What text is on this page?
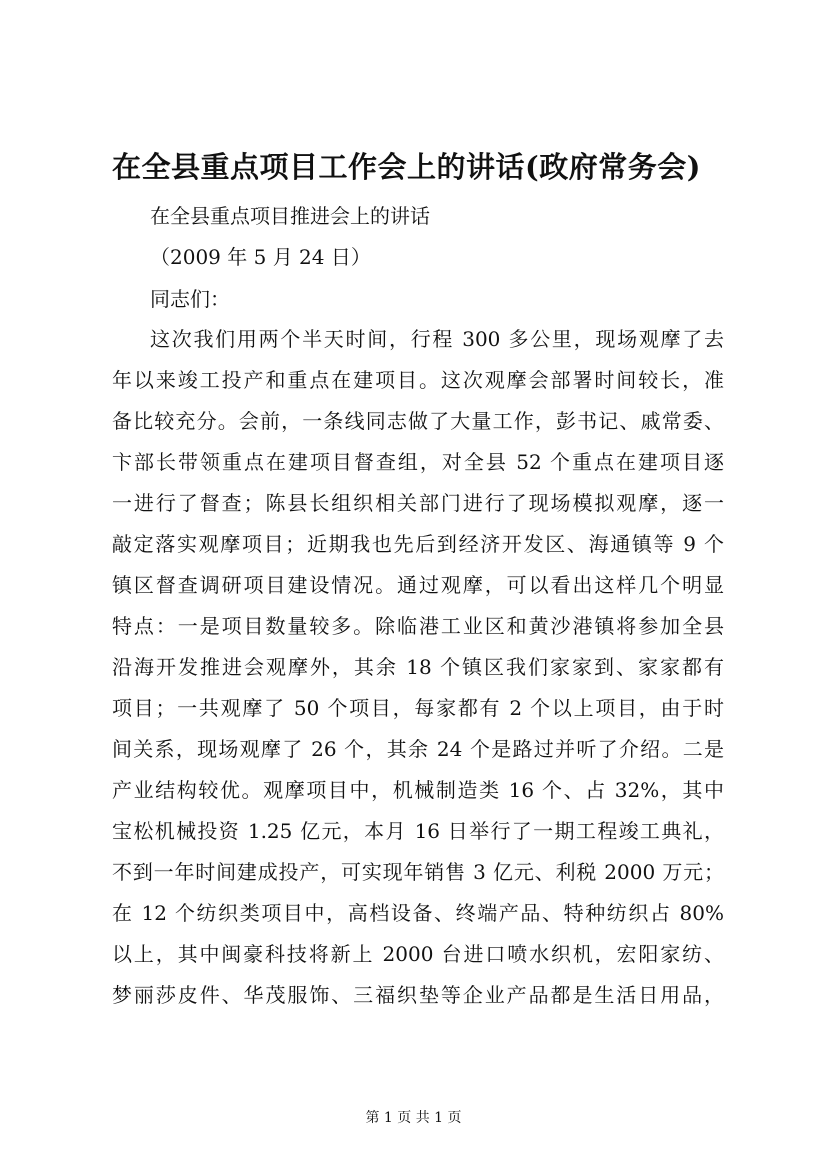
在全县重点项目工作会上的讲话(政府常务会)
在全县重点项目推进会上的讲话
（2009 年 5 月 24 日）
同志们：
这次我们用两个半天时间，行程 300 多公里，现场观摩了去
年以来竣工投产和重点在建项目。这次观摩会部署时间较长，准
备比较充分。会前，一条线同志做了大量工作，彭书记、戚常委、
卞部长带领重点在建项目督查组，对全县 52 个重点在建项目逐
一进行了督查；陈县长组织相关部门进行了现场模拟观摩，逐一
敲定落实观摩项目；近期我也先后到经济开发区、海通镇等 9 个
镇区督查调研项目建设情况。通过观摩，可以看出这样几个明显
特点：一是项目数量较多。除临港工业区和黄沙港镇将参加全县
沿海开发推进会观摩外，其余 18 个镇区我们家家到、家家都有
项目；一共观摩了 50 个项目，每家都有 2 个以上项目，由于时
间关系，现场观摩了 26 个，其余 24 个是路过并听了介绍。二是
产业结构较优。观摩项目中，机械制造类 16 个、占 32%，其中
宝松机械投资 1.25 亿元，本月 16 日举行了一期工程竣工典礼，
不到一年时间建成投产，可实现年销售 3 亿元、利税 2000 万元；
在 12 个纺织类项目中，高档设备、终端产品、特种纺织占 80%
以上，其中闽豪科技将新上 2000 台进口喷水织机，宏阳家纺、
梦丽莎皮件、华茂服饰、三福织垫等企业产品都是生活日用品，
第 1 页 共 1 页
